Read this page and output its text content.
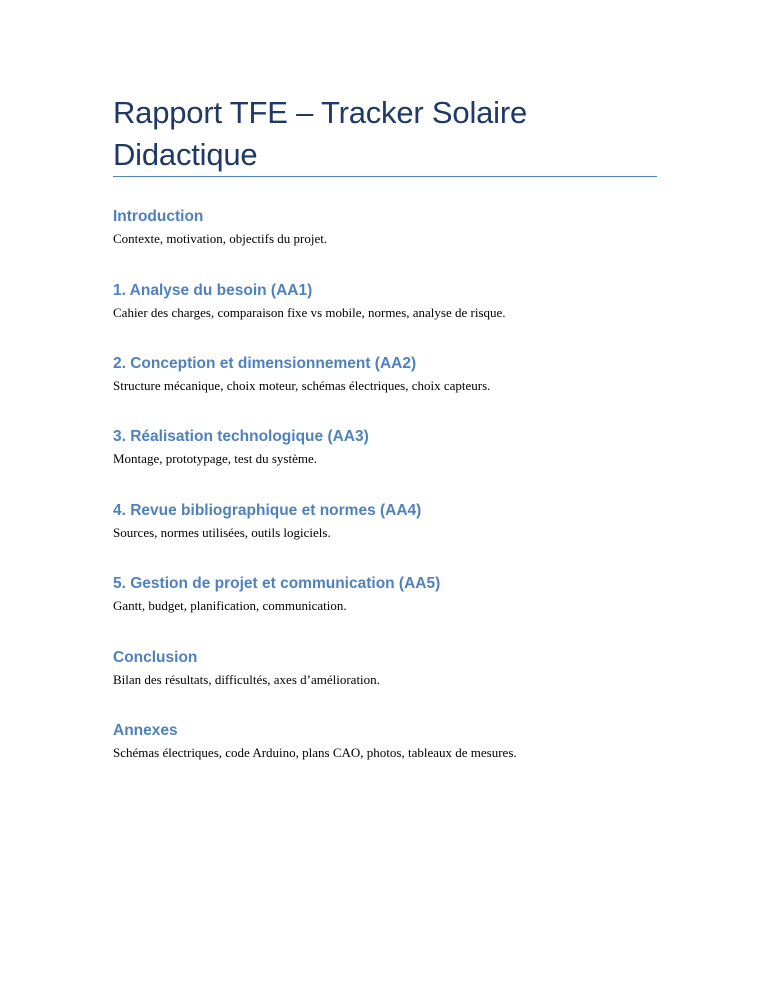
Rapport TFE – Tracker Solaire Didactique
Introduction

Contexte, motivation, objectifs du projet.

1. Analyse du besoin (AA1)

Cahier des charges, comparaison fixe vs mobile, normes, analyse de risque.

2. Conception et dimensionnement (AA2)

Structure mécanique, choix moteur, schémas électriques, choix capteurs.

3. Réalisation technologique (AA3)

Montage, prototypage, test du système.

4. Revue bibliographique et normes (AA4)

Sources, normes utilisées, outils logiciels.

5. Gestion de projet et communication (AA5)

Gantt, budget, planification, communication.

Conclusion

Bilan des résultats, difficultés, axes d’amélioration.

Annexes

Schémas électriques, code Arduino, plans CAO, photos, tableaux de mesures.
